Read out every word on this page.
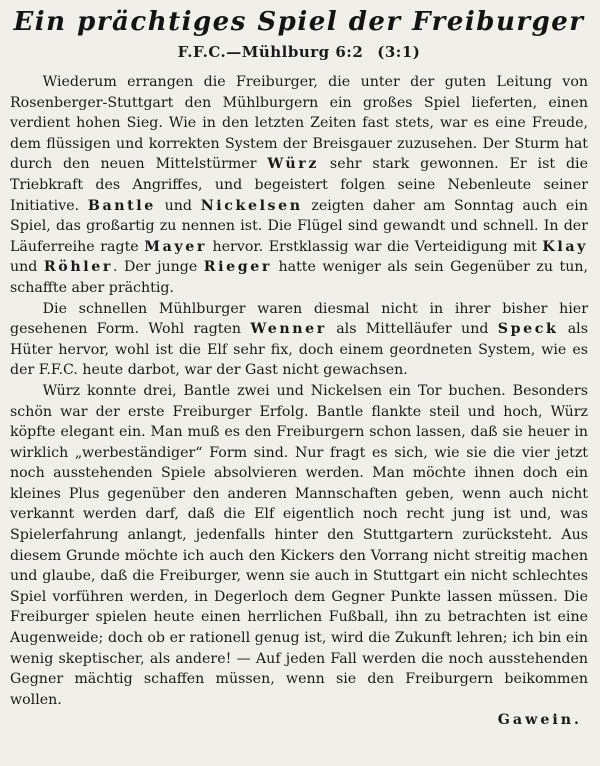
Ein prächtiges Spiel der Freiburger
F.F.C.—Mühlburg 6:2 (3:1)

Wiederum errangen die Freiburger, die unter der guten Leitung von Rosenberger-Stuttgart den Mühlburgern ein großes Spiel lieferten, einen verdient hohen Sieg. Wie in den letzten Zeiten fast stets, war es eine Freude, dem flüssigen und korrekten System der Breisgauer zuzusehen. Der Sturm hat durch den neuen Mittelstürmer Würz sehr stark gewonnen. Er ist die Triebkraft des Angriffes, und begeistert folgen seine Nebenleute seiner Initiative. Bantle und Nickelsen zeigten daher am Sonntag auch ein Spiel, das großartig zu nennen ist. Die Flügel sind gewandt und schnell. In der Läuferreihe ragte Mayer hervor. Erstklassig war die Verteidigung mit Klay und Röhler. Der junge Rieger hatte weniger als sein Gegenüber zu tun, schaffte aber prächtig.

Die schnellen Mühlburger waren diesmal nicht in ihrer bisher hier gesehenen Form. Wohl ragten Wenner als Mittelläufer und Speck als Hüter hervor, wohl ist die Elf sehr fix, doch einem geordneten System, wie es der F.F.C. heute darbot, war der Gast nicht gewachsen.

Würz konnte drei, Bantle zwei und Nickelsen ein Tor buchen. Besonders schön war der erste Freiburger Erfolg. Bantle flankte steil und hoch, Würz köpfte elegant ein. Man muß es den Freiburgern schon lassen, daß sie heuer in wirklich „werbeständiger“ Form sind. Nur fragt es sich, wie sie die vier jetzt noch ausstehenden Spiele absolvieren werden. Man möchte ihnen doch ein kleines Plus gegenüber den anderen Mannschaften geben, wenn auch nicht verkannt werden darf, daß die Elf eigentlich noch recht jung ist und, was Spielerfahrung anlangt, jedenfalls hinter den Stuttgartern zurücksteht. Aus diesem Grunde möchte ich auch den Kickers den Vorrang nicht streitig machen und glaube, daß die Freiburger, wenn sie auch in Stuttgart ein nicht schlechtes Spiel vorführen werden, in Degerloch dem Gegner Punkte lassen müssen. Die Freiburger spielen heute einen herrlichen Fußball, ihn zu betrachten ist eine Augenweide; doch ob er rationell genug ist, wird die Zukunft lehren; ich bin ein wenig skeptischer, als andere! — Auf jeden Fall werden die noch ausstehenden Gegner mächtig schaffen müssen, wenn sie den Freiburgern beikommen wollen.

Gawein.
